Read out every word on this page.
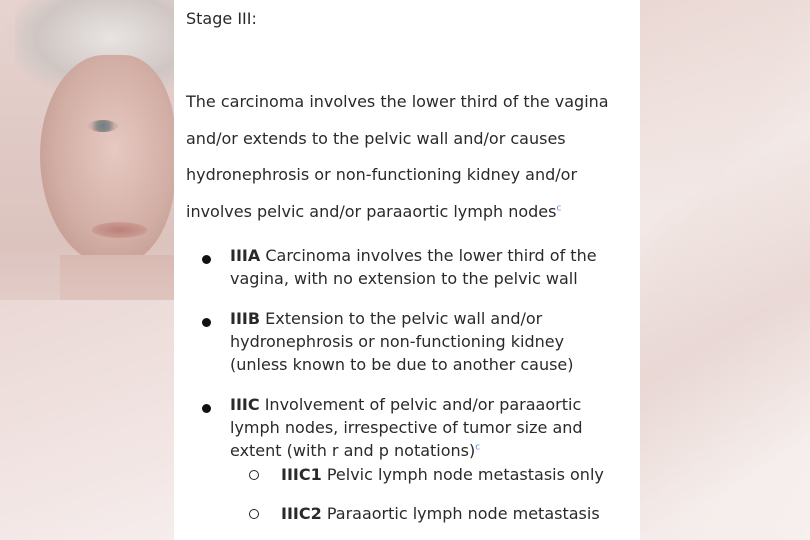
Stage III:

The carcinoma involves the lower third of the vagina
and/or extends to the pelvic wall and/or causes
hydronephrosis or non-functioning kidney and/or
involves pelvic and/or paraaortic lymph nodes$^c$

IIIA Carcinoma involves the lower third of the
vagina, with no extension to the pelvic wall
IIIB Extension to the pelvic wall and/or
hydronephrosis or non-functioning kidney
(unless known to be due to another cause)
IIIC Involvement of pelvic and/or paraaortic
lymph nodes, irrespective of tumor size and
extent (with r and p notations)$^c$
IIIC1 Pelvic lymph node metastasis only
IIIC2 Paraaortic lymph node metastasis
